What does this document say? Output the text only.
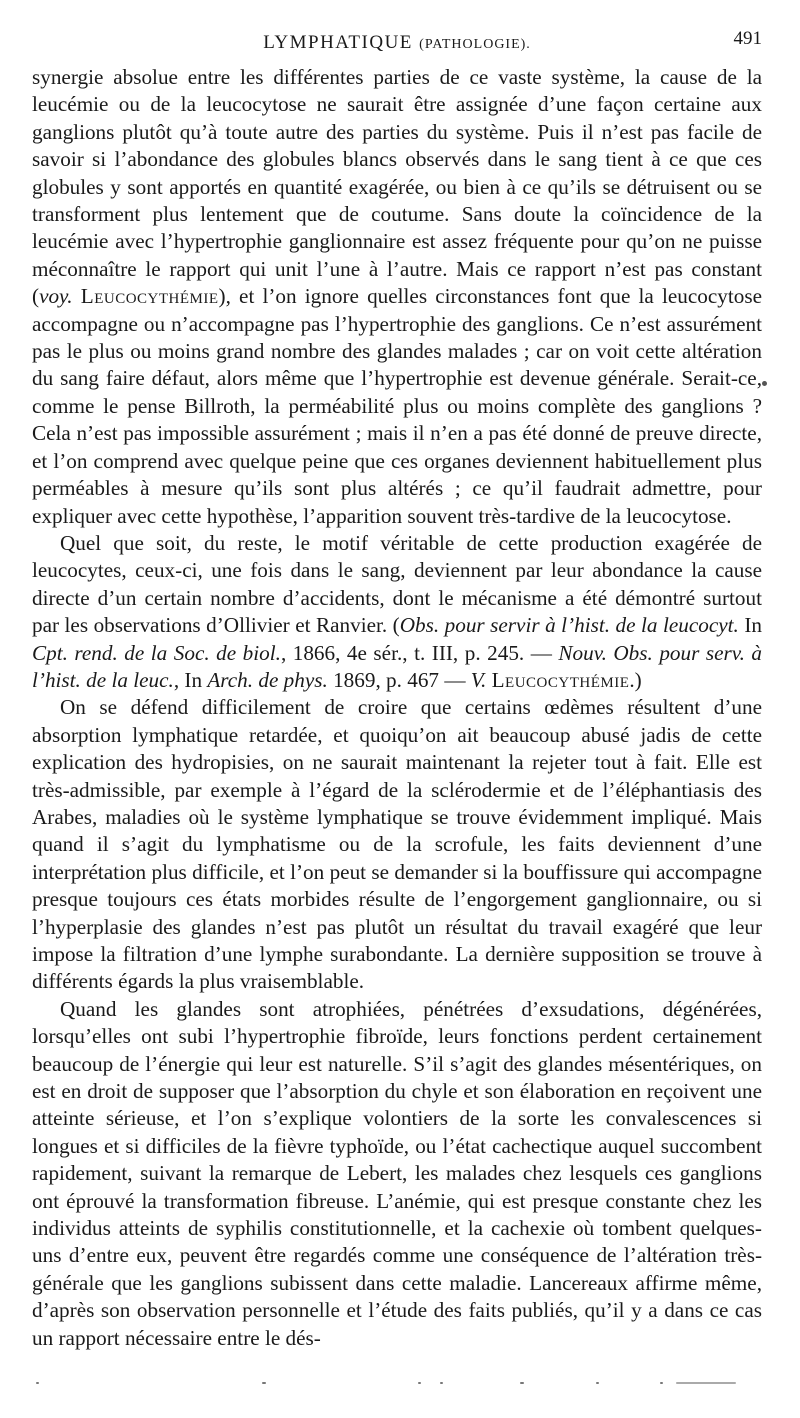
LYMPHATIQUE (PATHOLOGIE).	491

synergie absolue entre les différentes parties de ce vaste système, la cause de la leucémie ou de la leucocytose ne saurait être assignée d’une façon certaine aux ganglions plutôt qu’à toute autre des parties du système. Puis il n’est pas facile de savoir si l’abondance des globules blancs observés dans le sang tient à ce que ces globules y sont apportés en quantité exagérée, ou bien à ce qu’ils se détruisent ou se transforment plus lentement que de coutume. Sans doute la coïncidence de la leucémie avec l’hypertrophie ganglionnaire est assez fréquente pour qu’on ne puisse méconnaître le rapport qui unit l’une à l’autre. Mais ce rapport n’est pas constant (voy. Leucocythémie), et l’on ignore quelles circonstances font que la leucocytose accompagne ou n’accompagne pas l’hypertrophie des ganglions. Ce n’est assurément pas le plus ou moins grand nombre des glandes malades ; car on voit cette altération du sang faire défaut, alors même que l’hypertrophie est devenue générale. Serait-ce, comme le pense Billroth, la perméabilité plus ou moins complète des ganglions ? Cela n’est pas impossible assurément ; mais il n’en a pas été donné de preuve directe, et l’on comprend avec quelque peine que ces organes deviennent habituellement plus perméables à mesure qu’ils sont plus altérés ; ce qu’il faudrait admettre, pour expliquer avec cette hypothèse, l’apparition souvent très-tardive de la leucocytose.

Quel que soit, du reste, le motif véritable de cette production exagérée de leucocytes, ceux-ci, une fois dans le sang, deviennent par leur abondance la cause directe d’un certain nombre d’accidents, dont le mécanisme a été démontré surtout par les observations d’Ollivier et Ranvier. (Obs. pour servir à l’hist. de la leucocyt. In Cpt. rend. de la Soc. de biol., 1866, 4e sér., t. III, p. 245. — Nouv. Obs. pour serv. à l’hist. de la leuc., In Arch. de phys. 1869, p. 467 — V. Leucocythémie.)

On se défend difficilement de croire que certains œdèmes résultent d’une absorption lymphatique retardée, et quoiqu’on ait beaucoup abusé jadis de cette explication des hydropisies, on ne saurait maintenant la rejeter tout à fait. Elle est très-admissible, par exemple à l’égard de la sclérodermie et de l’éléphantiasis des Arabes, maladies où le système lymphatique se trouve évidemment impliqué. Mais quand il s’agit du lymphatisme ou de la scrofule, les faits deviennent d’une interprétation plus difficile, et l’on peut se demander si la bouffissure qui accompagne presque toujours ces états morbides résulte de l’engorgement ganglionnaire, ou si l’hyperplasie des glandes n’est pas plutôt un résultat du travail exagéré que leur impose la filtration d’une lymphe surabondante. La dernière supposition se trouve à différents égards la plus vraisemblable.

Quand les glandes sont atrophiées, pénétrées d’exsudations, dégénérées, lorsqu’elles ont subi l’hypertrophie fibroïde, leurs fonctions perdent certainement beaucoup de l’énergie qui leur est naturelle. S’il s’agit des glandes mésentériques, on est en droit de supposer que l’absorption du chyle et son élaboration en reçoivent une atteinte sérieuse, et l’on s’explique volontiers de la sorte les convalescences si longues et si difficiles de la fièvre typhoïde, ou l’état cachectique auquel succombent rapidement, suivant la remarque de Lebert, les malades chez lesquels ces ganglions ont éprouvé la transformation fibreuse. L’anémie, qui est presque constante chez les individus atteints de syphilis constitutionnelle, et la cachexie où tombent quelques-uns d’entre eux, peuvent être regardés comme une conséquence de l’altération très-générale que les ganglions subissent dans cette maladie. Lancereaux affirme même, d’après son observation personnelle et l’étude des faits publiés, qu’il y a dans ce cas un rapport nécessaire entre le dés-
